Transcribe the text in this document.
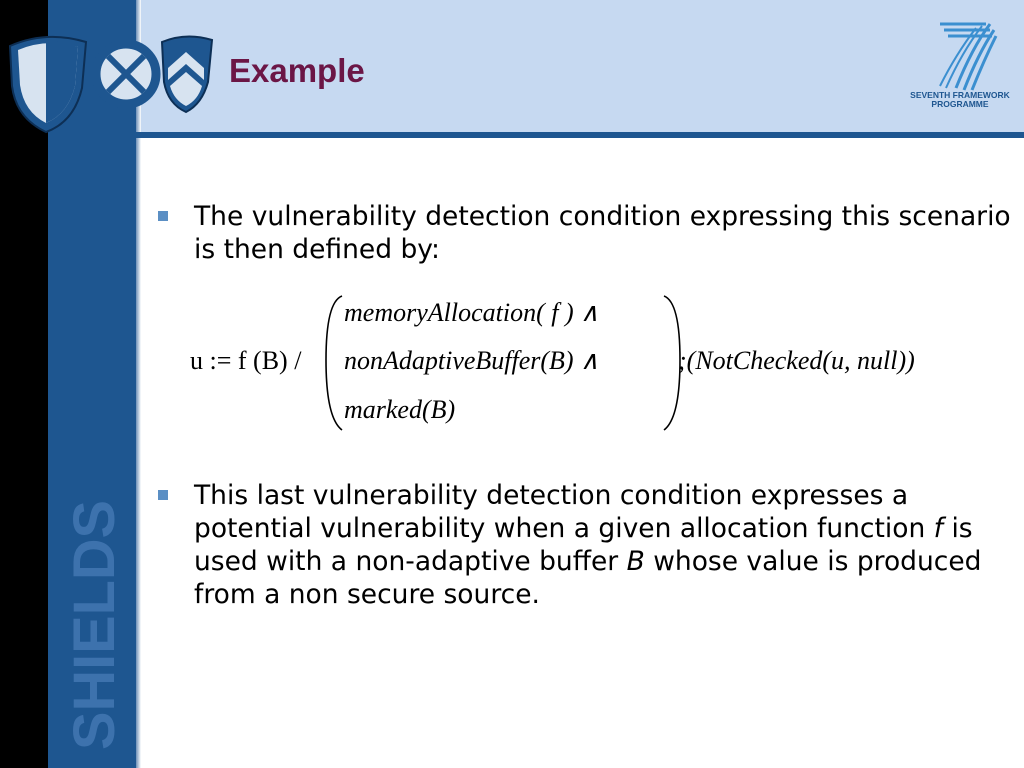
SHIELDS
Example
SEVENTH FRAMEWORK
PROGRAMME
The vulnerability detection condition expressing this scenario is then defined by:
u := f (B) /
memoryAllocation( f ) ∧
nonAdaptiveBuffer(B) ∧
marked(B)
;(NotChecked(u, null))
This last vulnerability detection condition expresses a potential vulnerability when a given allocation function f is used with a non-adaptive buffer B whose value is produced from a non secure source.
